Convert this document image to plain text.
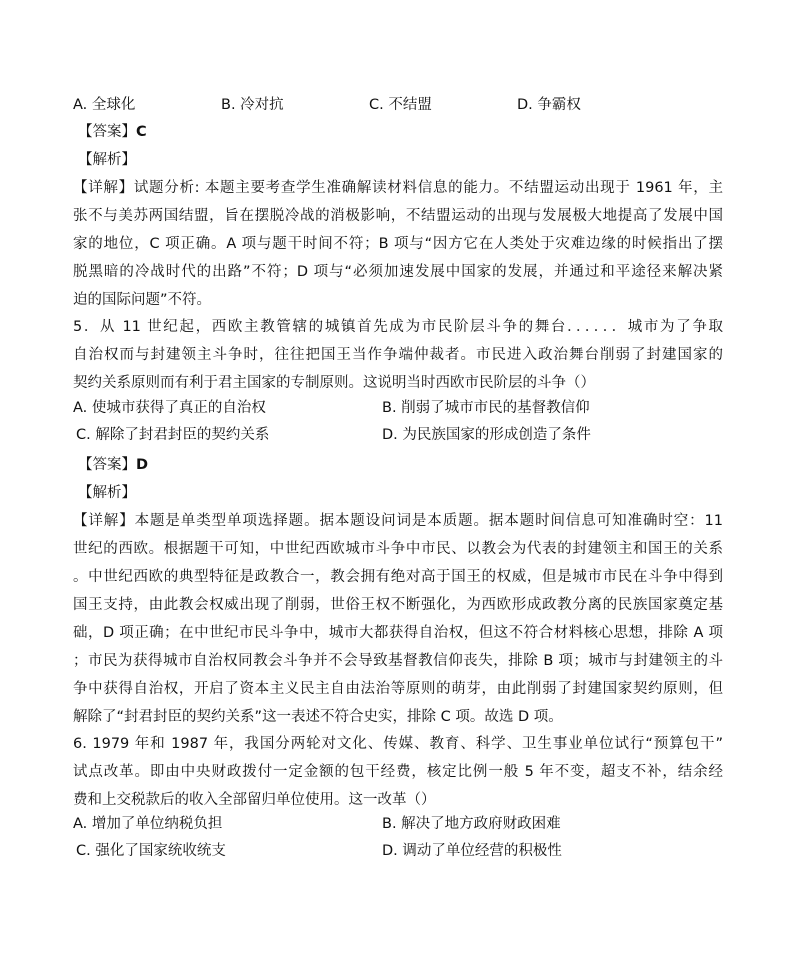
A. 全球化	B. 冷对抗	C. 不结盟	D. 争霸权
【答案】C
【解析】
【详解】试题分析: 本题主要考查学生准确解读材料信息的能力。不结盟运动出现于 1961 年，主
张不与美苏两国结盟，旨在摆脱冷战的消极影响，不结盟运动的出现与发展极大地提高了发展中国
家的地位，C 项正确。A 项与题干时间不符；B 项与“因方它在人类处于灾难边缘的时候指出了摆
脱黑暗的冷战时代的出路”不符；D 项与“必须加速发展中国家的发展，并通过和平途径来解决紧
迫的国际问题”不符。
5．从 11 世纪起，西欧主教管辖的城镇首先成为市民阶层斗争的舞台．．．．．．城市为了争取
自治权而与封建领主斗争时，往往把国王当作争端仲裁者。市民进入政治舞台削弱了封建国家的
契约关系原则而有利于君主国家的专制原则。这说明当时西欧市民阶层的斗争（）
A. 使城市获得了真正的自治权	B. 削弱了城市市民的基督教信仰
C. 解除了封君封臣的契约关系	D. 为民族国家的形成创造了条件
【答案】D
【解析】
【详解】本题是单类型单项选择题。据本题设问词是本质题。据本题时间信息可知准确时空：11
世纪的西欧。根据题干可知，中世纪西欧城市斗争中市民、以教会为代表的封建领主和国王的关系
。中世纪西欧的典型特征是政教合一，教会拥有绝对高于国王的权威，但是城市市民在斗争中得到
国王支持，由此教会权威出现了削弱，世俗王权不断强化，为西欧形成政教分离的民族国家奠定基
础，D 项正确；在中世纪市民斗争中，城市大都获得自治权，但这不符合材料核心思想，排除 A 项
；市民为获得城市自治权同教会斗争并不会导致基督教信仰丧失，排除 B 项；城市与封建领主的斗
争中获得自治权，开启了资本主义民主自由法治等原则的萌芽，由此削弱了封建国家契约原则，但
解除了“封君封臣的契约关系”这一表述不符合史实，排除 C 项。故选 D 项。
6. 1979 年和 1987 年，我国分两轮对文化、传媒、教育、科学、卫生事业单位试行“预算包干”
试点改革。即由中央财政拨付一定金额的包干经费，核定比例一般 5 年不变，超支不补，结余经
费和上交税款后的收入全部留归单位使用。这一改革（）
A. 增加了单位纳税负担	B. 解决了地方政府财政困难
C. 强化了国家统收统支	D. 调动了单位经营的积极性
